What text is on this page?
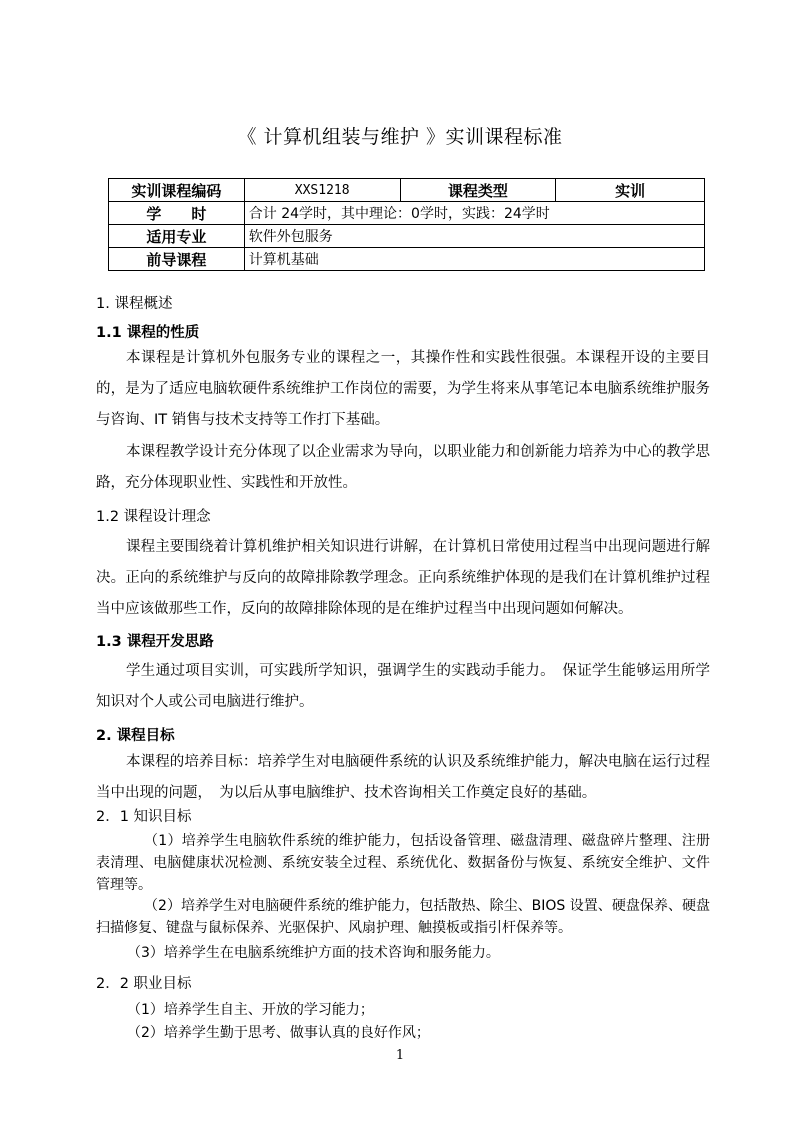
《 计算机组装与维护 》实训课程标准
实训课程编码	XXS1218	课程类型	实训
学　　时	合计 24学时，其中理论：0学时，实践：24学时		
适用专业	软件外包服务		
前导课程	计算机基础		
1. 课程概述
1.1 课程的性质
本课程是计算机外包服务专业的课程之一，其操作性和实践性很强。本课程开设的主要目的，是为了适应电脑软硬件系统维护工作岗位的需要，为学生将来从事笔记本电脑系统维护服务与咨询、IT 销售与技术支持等工作打下基础。
本课程教学设计充分体现了以企业需求为导向，以职业能力和创新能力培养为中心的教学思路，充分体现职业性、实践性和开放性。
1.2 课程设计理念
课程主要围绕着计算机维护相关知识进行讲解，在计算机日常使用过程当中出现问题进行解决。正向的系统维护与反向的故障排除教学理念。正向系统维护体现的是我们在计算机维护过程当中应该做那些工作，反向的故障排除体现的是在维护过程当中出现问题如何解决。
1.3 课程开发思路
学生通过项目实训，可实践所学知识，强调学生的实践动手能力。　保证学生能够运用所学知识对个人或公司电脑进行维护。
2. 课程目标
本课程的培养目标：培养学生对电脑硬件系统的认识及系统维护能力，解决电脑在运行过程当中出现的问题，　为以后从事电脑维护、技术咨询相关工作奠定良好的基础。
2．1 知识目标
（1）培养学生电脑软件系统的维护能力，包括设备管理、磁盘清理、磁盘碎片整理、注册表清理、电脑健康状况检测、系统安装全过程、系统优化、数据备份与恢复、系统安全维护、文件管理等。
（2）培养学生对电脑硬件系统的维护能力，包括散热、除尘、BIOS 设置、硬盘保养、硬盘扫描修复、键盘与鼠标保养、光驱保护、风扇护理、触摸板或指引杆保养等。
（3）培养学生在电脑系统维护方面的技术咨询和服务能力。
2．2 职业目标
（1）培养学生自主、开放的学习能力；
（2）培养学生勤于思考、做事认真的良好作风；
1
